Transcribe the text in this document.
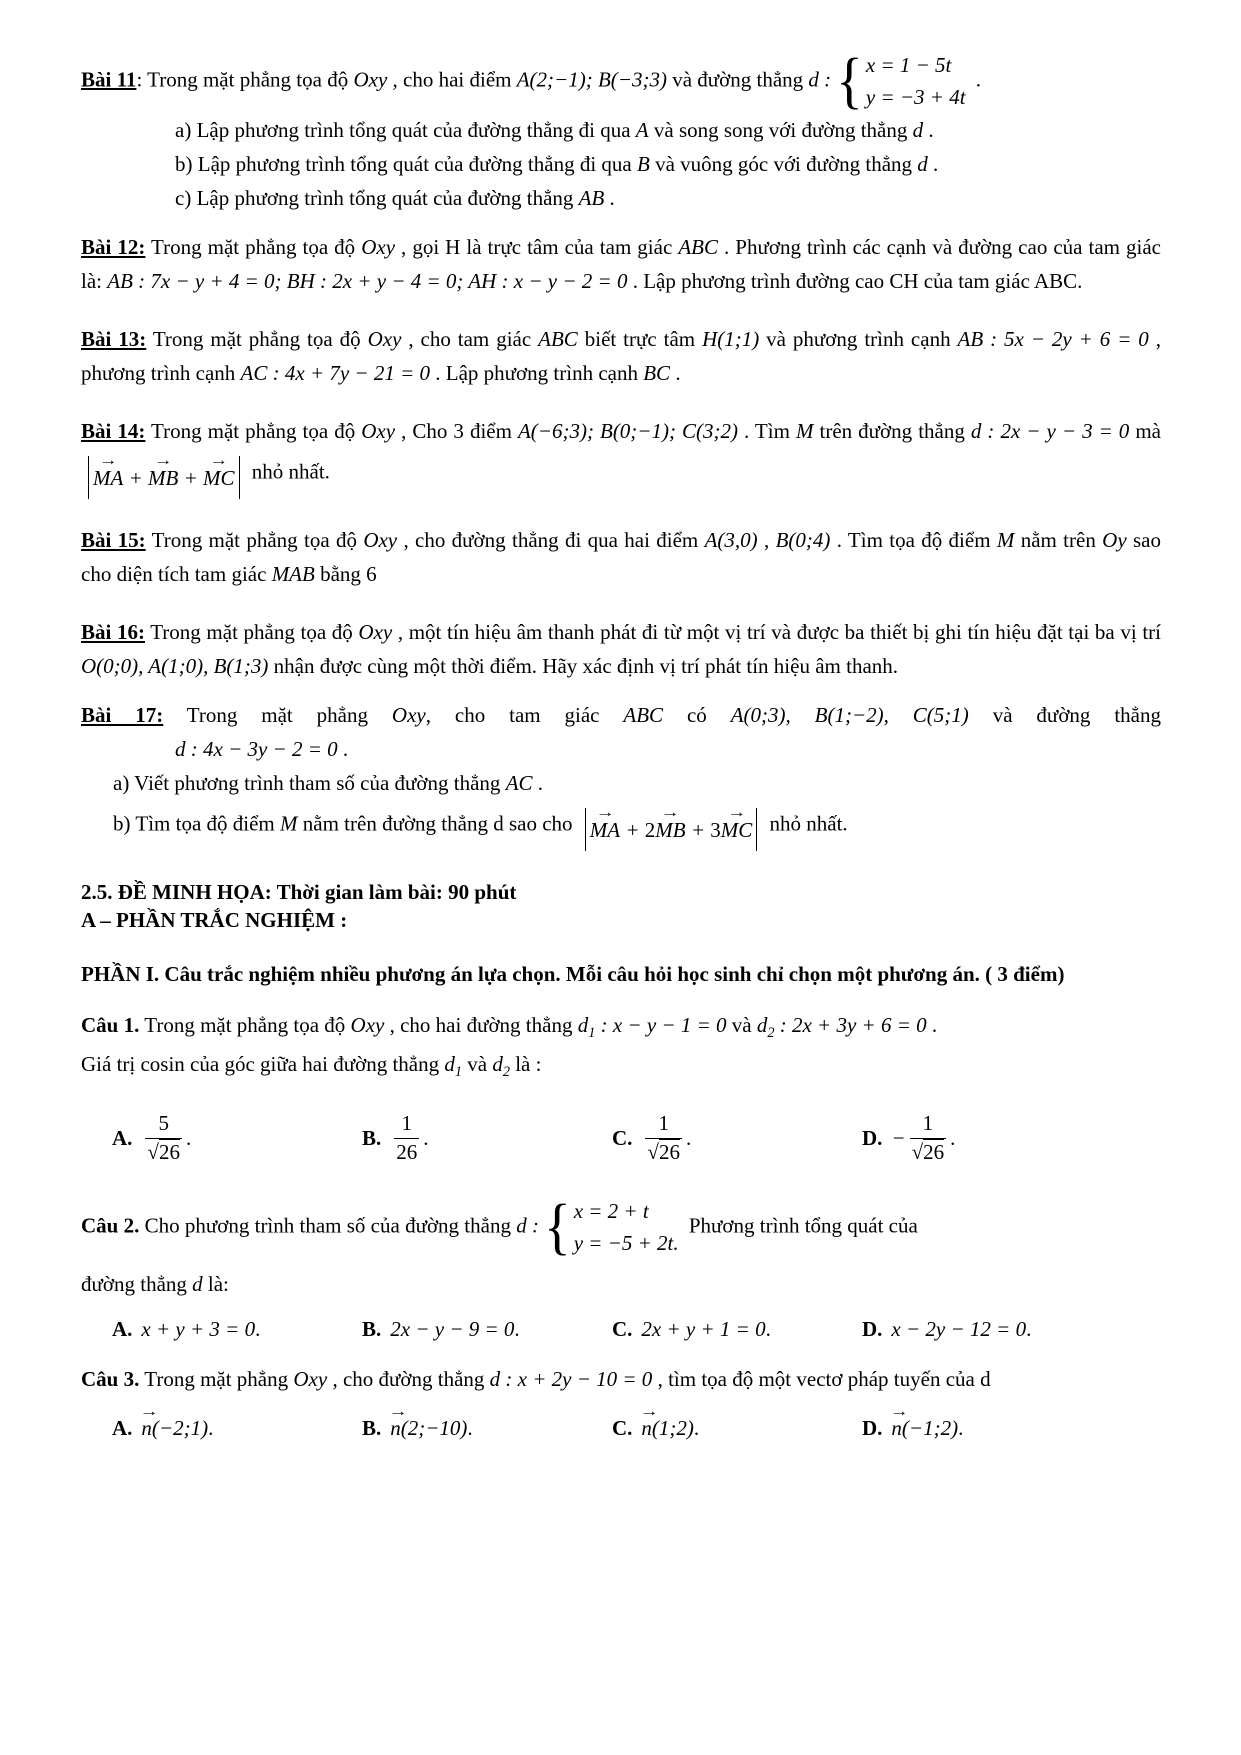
Bài 11: Trong mặt phẳng tọa độ Oxy , cho hai điểm A(2;−1); B(−3;3) và đường thẳng d : { x = 1 − 5t
y = −3 + 4t
.
a) Lập phương trình tổng quát của đường thẳng đi qua A và song song với đường thẳng d .
b) Lập phương trình tổng quát của đường thẳng đi qua B và vuông góc với đường thẳng d .
c) Lập phương trình tổng quát của đường thẳng AB .
Bài 12: Trong mặt phẳng tọa độ Oxy , gọi H là trực tâm của tam giác ABC . Phương trình các cạnh và đường cao của tam giác là: AB : 7x − y + 4 = 0; BH : 2x + y − 4 = 0; AH : x − y − 2 = 0 . Lập phương trình đường cao CH của tam giác ABC.
Bài 13: Trong mặt phẳng tọa độ Oxy , cho tam giác ABC biết trực tâm H(1;1) và phương trình cạnh AB : 5x − 2y + 6 = 0 , phương trình cạnh AC : 4x + 7y − 21 = 0 . Lập phương trình cạnh BC .
Bài 14: Trong mặt phẳng tọa độ Oxy , Cho 3 điểm A(−6;3); B(0;−1); C(3;2) . Tìm M trên đường thẳng d : 2x − y − 3 = 0 mà
MA → + MB → + MC → nhỏ nhất.
Bài 15: Trong mặt phẳng tọa độ Oxy , cho đường thẳng đi qua hai điểm A(3,0) , B(0;4) . Tìm tọa độ điểm M nằm trên Oy sao cho diện tích tam giác MAB bằng 6
Bài 16: Trong mặt phẳng tọa độ Oxy , một tín hiệu âm thanh phát đi từ một vị trí và được ba thiết bị ghi tín hiệu đặt tại ba vị trí O(0;0), A(1;0), B(1;3) nhận được cùng một thời điểm. Hãy xác định vị trí phát tín hiệu âm thanh.
Bài 17: Trong mặt phẳng Oxy, cho tam giác ABC có A(0;3), B(1;−2), C(5;1) và đường thẳng
d : 4x − 3y − 2 = 0 .
a) Viết phương trình tham số của đường thẳng AC .
b) Tìm tọa độ điểm M nằm trên đường thẳng d sao cho MA → + 2MB → + 3MC → nhỏ nhất.

2.5. ĐỀ MINH HỌA: Thời gian làm bài: 90 phút

A – PHẦN TRẮC NGHIỆM :

PHẦN I. Câu trắc nghiệm nhiều phương án lựa chọn. Mỗi câu hỏi học sinh chỉ chọn một phương án. ( 3 điểm)

Câu 1. Trong mặt phẳng tọa độ Oxy , cho hai đường thẳng $d_1$ : x − y − 1 = 0 và $d_2$ : 2x + 3y + 6 = 0 .
Giá trị cosin của góc giữa hai đường thẳng $d_1$ và $d_2$ là :
A. $\frac{5}{√26}$ .	B. $\frac{1}{26}$ .	C. $\frac{1}{√26}$ .	D. − $\frac{1}{√26}$ .
Câu 2. Cho phương trình tham số của đường thẳng d : { x = 2 + t
y = −5 + 2t.
Phương trình tổng quát của
đường thẳng d là:
A. x + y + 3 = 0 .	B. 2x − y − 9 = 0 .	C. 2x + y + 1 = 0 .	D. x − 2y − 12 = 0 .
Câu 3. Trong mặt phẳng Oxy , cho đường thẳng d : x + 2y − 10 = 0 , tìm tọa độ một vectơ pháp tuyến của d
A. n → (−2;1) .	B. n → (2;−10) .	C. n → (1;2) .	D. n → (−1;2) .
